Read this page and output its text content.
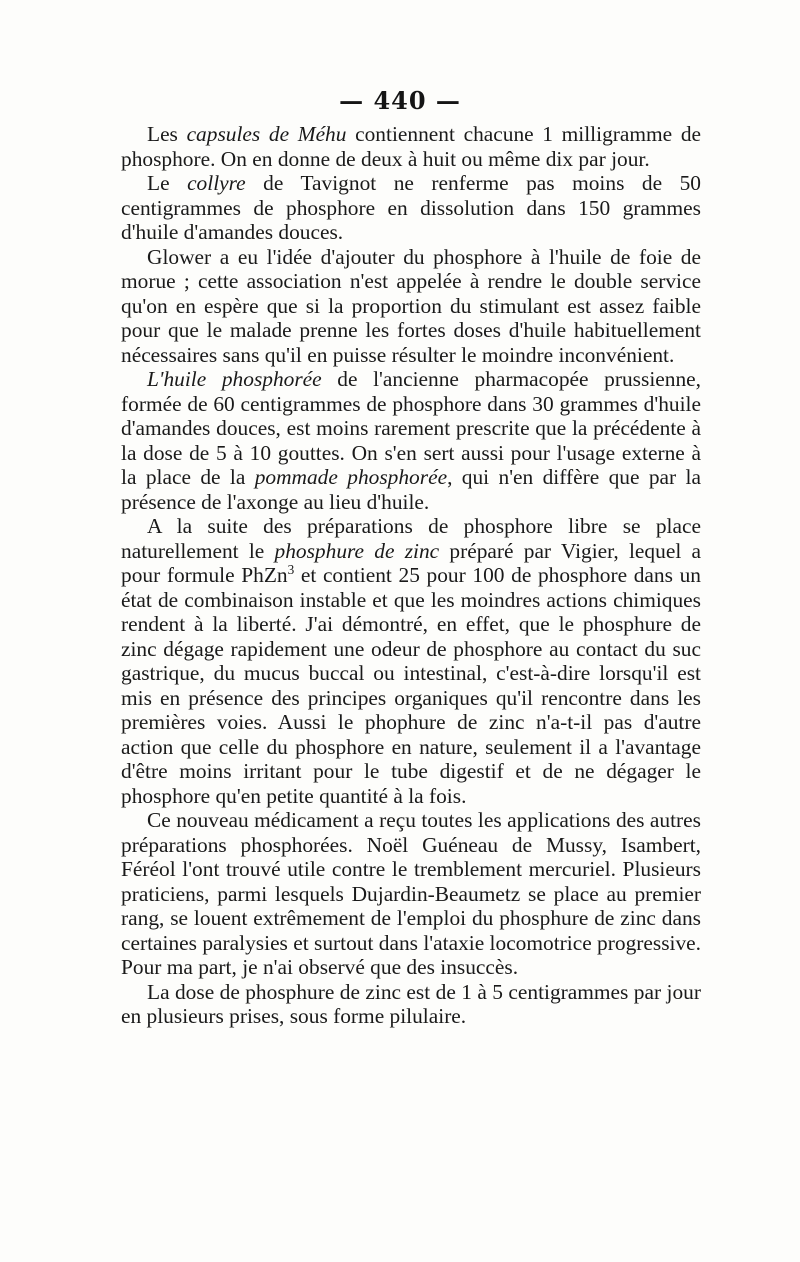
— 440 —

Les capsules de Méhu contiennent chacune 1 milligramme de phosphore. On en donne de deux à huit ou même dix par jour.

Le collyre de Tavignot ne renferme pas moins de 50 centigrammes de phosphore en dissolution dans 150 grammes d'huile d'amandes douces.

Glower a eu l'idée d'ajouter du phosphore à l'huile de foie de morue ; cette association n'est appelée à rendre le double service qu'on en espère que si la proportion du stimulant est assez faible pour que le malade prenne les fortes doses d'huile habituellement nécessaires sans qu'il en puisse résulter le moindre inconvénient.

L'huile phosphorée de l'ancienne pharmacopée prussienne, formée de 60 centigrammes de phosphore dans 30 grammes d'huile d'amandes douces, est moins rarement prescrite que la précédente à la dose de 5 à 10 gouttes. On s'en sert aussi pour l'usage externe à la place de la pommade phosphorée, qui n'en diffère que par la présence de l'axonge au lieu d'huile.

A la suite des préparations de phosphore libre se place naturellement le phosphure de zinc préparé par Vigier, lequel a pour formule PhZn$^3$ et contient 25 pour 100 de phosphore dans un état de combinaison instable et que les moindres actions chimiques rendent à la liberté. J'ai démontré, en effet, que le phosphure de zinc dégage rapidement une odeur de phosphore au contact du suc gastrique, du mucus buccal ou intestinal, c'est-à-dire lorsqu'il est mis en présence des principes organiques qu'il rencontre dans les premières voies. Aussi le phophure de zinc n'a-t-il pas d'autre action que celle du phosphore en nature, seulement il a l'avantage d'être moins irritant pour le tube digestif et de ne dégager le phosphore qu'en petite quantité à la fois.

Ce nouveau médicament a reçu toutes les applications des autres préparations phosphorées. Noël Guéneau de Mussy, Isambert, Féréol l'ont trouvé utile contre le tremblement mercuriel. Plusieurs praticiens, parmi lesquels Dujardin-Beaumetz se place au premier rang, se louent extrêmement de l'emploi du phosphure de zinc dans certaines paralysies et surtout dans l'ataxie locomotrice progressive. Pour ma part, je n'ai observé que des insuccès.

La dose de phosphure de zinc est de 1 à 5 centigrammes par jour en plusieurs prises, sous forme pilulaire.
